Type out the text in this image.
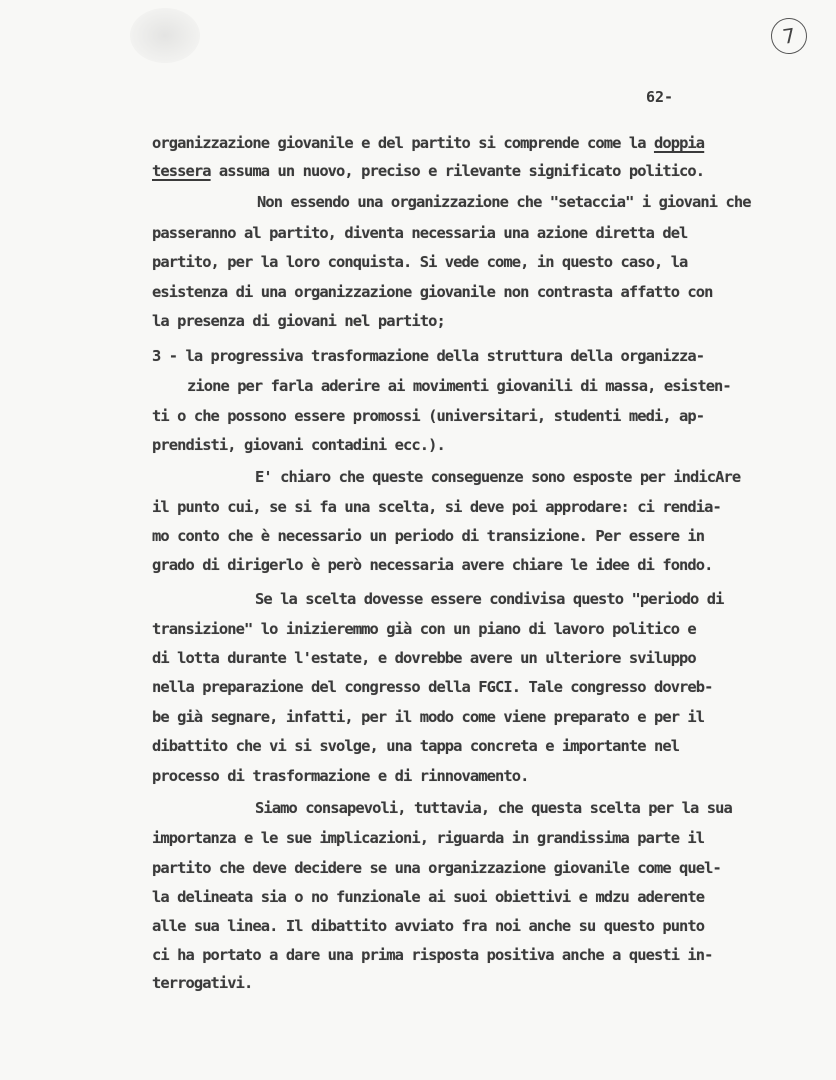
7
62-
organizzazione giovanile e del partito si comprende come la doppia
tessera assuma un nuovo, preciso e rilevante significato politico.
Non essendo una organizzazione che "setaccia" i giovani che
passeranno al partito, diventa necessaria una azione diretta del
partito, per la loro conquista. Si vede come, in questo caso, la
esistenza di una organizzazione giovanile non contrasta affatto con
la presenza di giovani nel partito;
3 - la progressiva trasformazione della struttura della organizza-
zione per farla aderire ai movimenti giovanili di massa, esisten-
ti o che possono essere promossi (universitari, studenti medi, ap-
prendisti, giovani contadini ecc.).
E' chiaro che queste conseguenze sono esposte per indicAre
il punto cui, se si fa una scelta, si deve poi approdare: ci rendia-
mo conto che è necessario un periodo di transizione. Per essere in
grado di dirigerlo è però necessaria avere chiare le idee di fondo.
Se la scelta dovesse essere condivisa questo "periodo di
transizione" lo inizieremmo già con un piano di lavoro politico e
di lotta durante l'estate, e dovrebbe avere un ulteriore sviluppo
nella preparazione del congresso della FGCI. Tale congresso dovreb-
be già segnare, infatti, per il modo come viene preparato e per il
dibattito che vi si svolge, una tappa concreta e importante nel
processo di trasformazione e di rinnovamento.
Siamo consapevoli, tuttavia, che questa scelta per la sua
importanza e le sue implicazioni, riguarda in grandissima parte il
partito che deve decidere se una organizzazione giovanile come quel-
la delineata sia o no funzionale ai suoi obiettivi e mdzu aderente
alle sua linea. Il dibattito avviato fra noi anche su questo punto
ci ha portato a dare una prima risposta positiva anche a questi in-
terrogativi.
